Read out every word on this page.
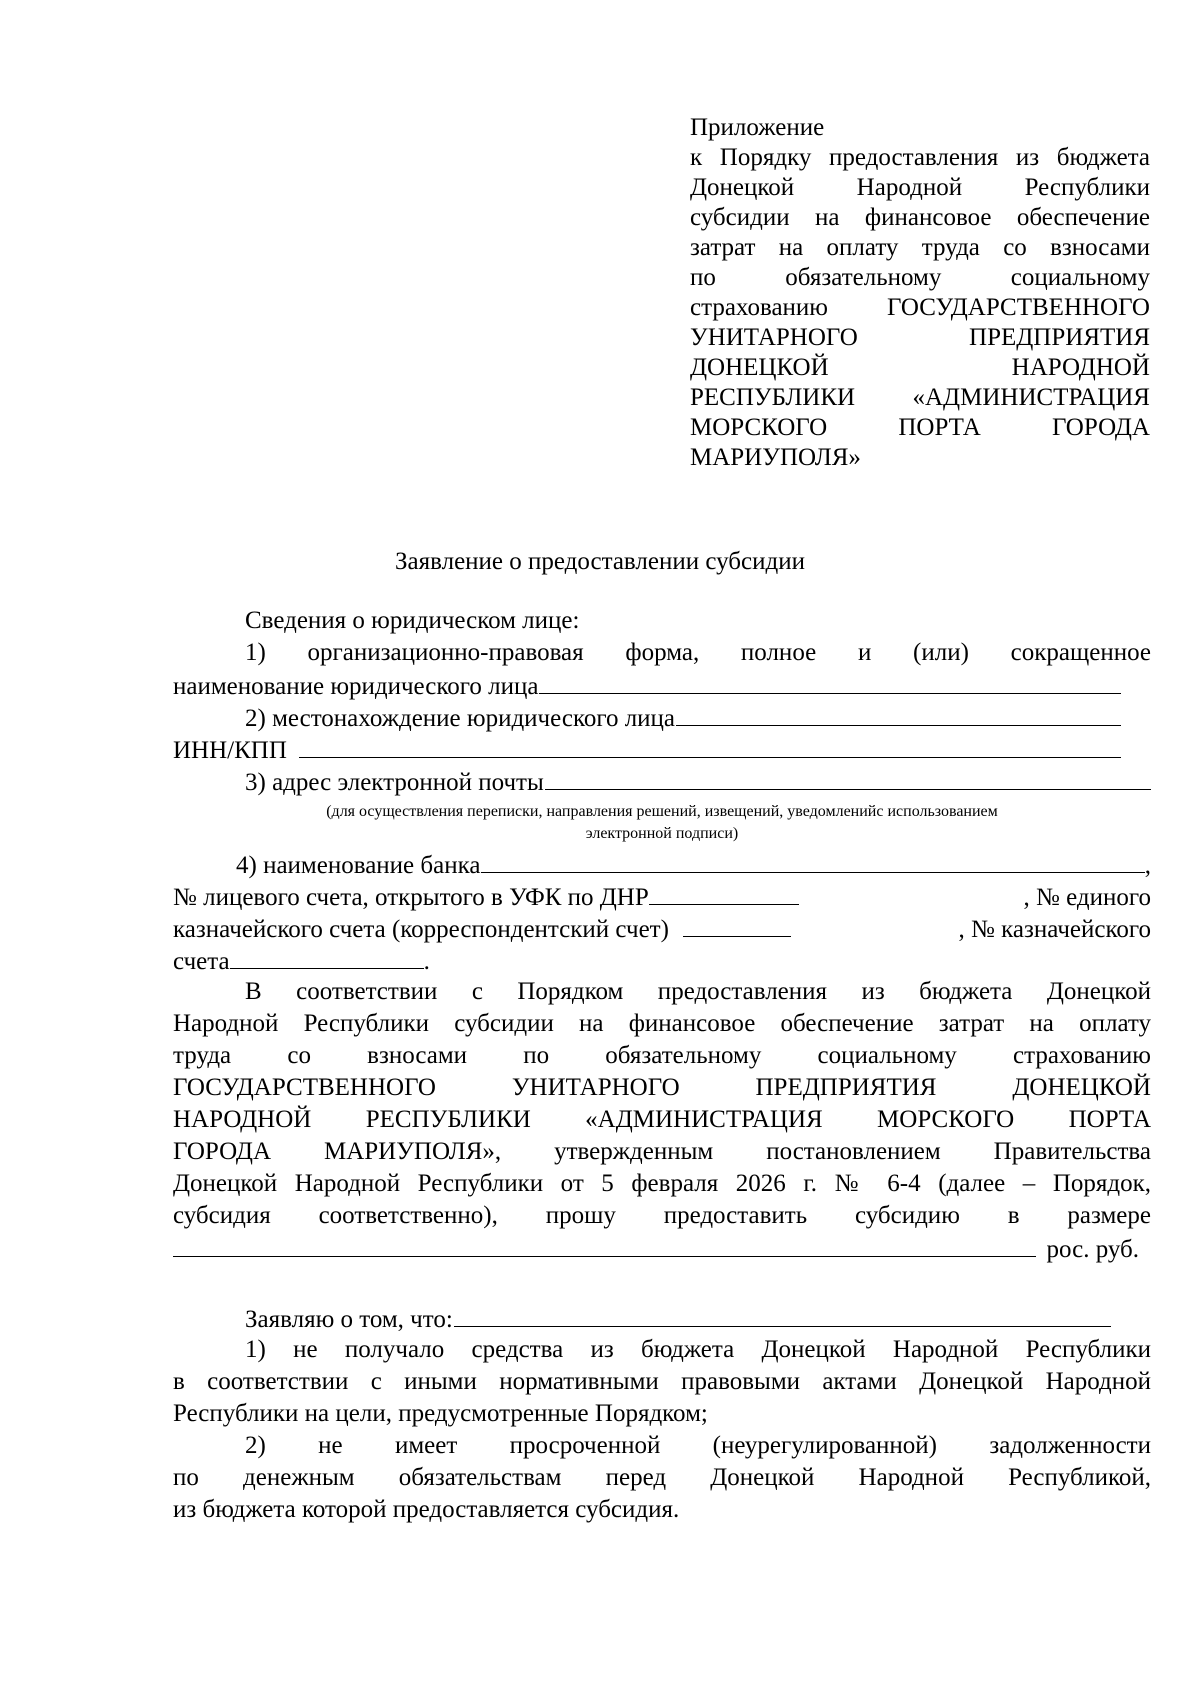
Приложение
к Порядку предоставления из бюджета
Донецкой Народной Республики
субсидии на финансовое обеспечение
затрат на оплату труда со взносами
по обязательному социальному
страхованию ГОСУДАРСТВЕННОГО
УНИТАРНОГО ПРЕДПРИЯТИЯ
ДОНЕЦКОЙ НАРОДНОЙ
РЕСПУБЛИКИ «АДМИНИСТРАЦИЯ
МОРСКОГО ПОРТА ГОРОДА
МАРИУПОЛЯ»
Заявление о предоставлении субсидии
Сведения о юридическом лице:
1) организационно-правовая форма, полное и (или) сокращенное
наименование юридического лица
2) местонахождение юридического лица
ИНН/КПП
3) адрес электронной почты
(для осуществления переписки, направления решений, извещений, уведомленийс использованием
электронной подписи)
4) наименование банка	,
№ лицевого счета, открытого в УФК по ДНР	, № единого
казначейского счета (корреспондентский счет)	, № казначейского
счета	.
В соответствии с Порядком предоставления из бюджета Донецкой
Народной Республики субсидии на финансовое обеспечение затрат на оплату
труда со взносами по обязательному социальному страхованию
ГОСУДАРСТВЕННОГО УНИТАРНОГО ПРЕДПРИЯТИЯ ДОНЕЦКОЙ
НАРОДНОЙ РЕСПУБЛИКИ «АДМИНИСТРАЦИЯ МОРСКОГО ПОРТА
ГОРОДА МАРИУПОЛЯ», утвержденным постановлением Правительства
Донецкой Народной Республики от 5 февраля 2026 г. № 6-4 (далее – Порядок,
субсидия соответственно), прошу предоставить субсидию в размере
рос. руб.
Заявляю о том, что:
1) не получало средства из бюджета Донецкой Народной Республики
в соответствии с иными нормативными правовыми актами Донецкой Народной
Республики на цели, предусмотренные Порядком;
2) не имеет просроченной (неурегулированной) задолженности
по денежным обязательствам перед Донецкой Народной Республикой,
из бюджета которой предоставляется субсидия.
